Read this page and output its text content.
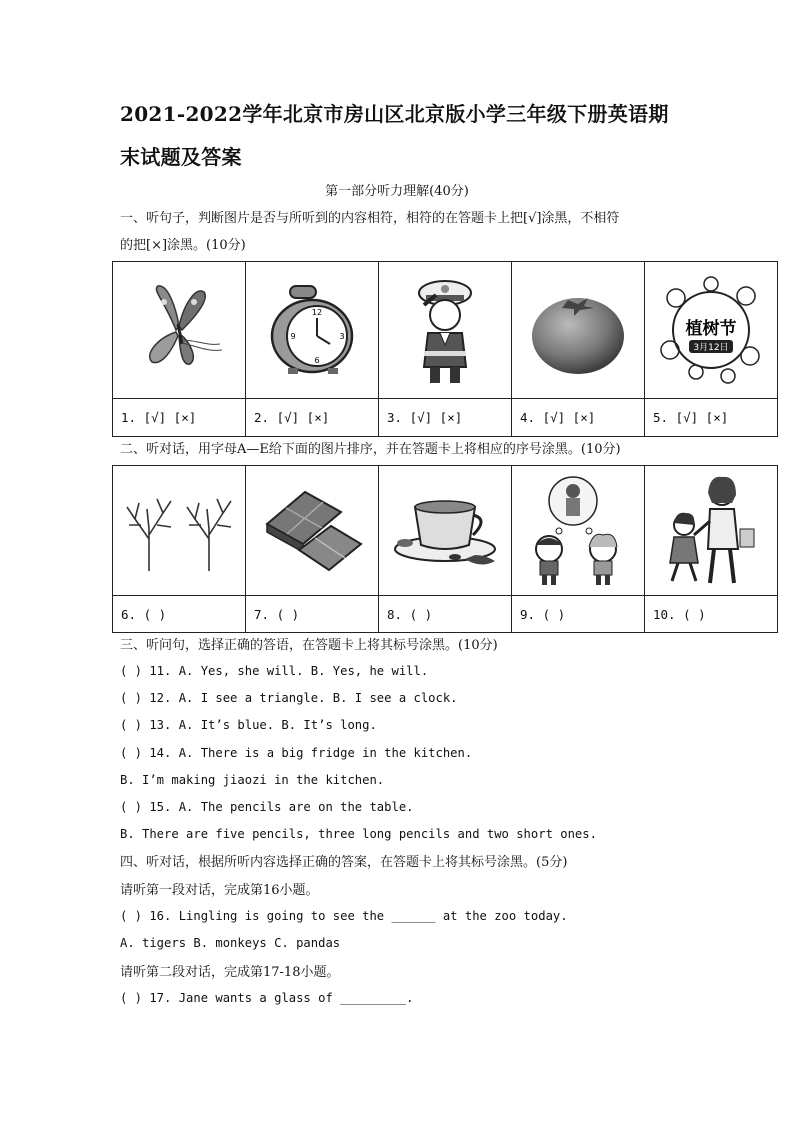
2021-2022学年北京市房山区北京版小学三年级下册英语期
末试题及答案
第一部分听力理解(40分)
一、听句子，判断图片是否与所听到的内容相符，相符的在答题卡上把[√]涂黑，不相符
的把[×]涂黑。(10分)

12
3
6
9			植树节
3月12日

1. [√] [×]	2. [√] [×]	3. [√] [×]	4. [√] [×]	5. [√] [×]
二、听对话，用字母A—E给下面的图片排序，并在答题卡上将相应的序号涂黑。(10分)

6. ( )	7. ( )	8. ( )	9. ( )	10. ( )
三、听问句，选择正确的答语，在答题卡上将其标号涂黑。(10分)
( ) 11. A. Yes, she will. B. Yes, he will.
( ) 12. A. I see a triangle. B. I see a clock.
( ) 13. A. It’s blue. B. It’s long.
( ) 14. A. There is a big fridge in the kitchen.
B. I’m making jiaozi in the kitchen.
( ) 15. A. The pencils are on the table.
B. There are five pencils, three long pencils and two short ones.
四、听对话，根据所听内容选择正确的答案，在答题卡上将其标号涂黑。(5分)
请听第一段对话，完成第16小题。
( ) 16. Lingling is going to see the ______ at the zoo today.
A. tigers B. monkeys C. pandas
请听第二段对话，完成第17-18小题。
( ) 17. Jane wants a glass of _________.
